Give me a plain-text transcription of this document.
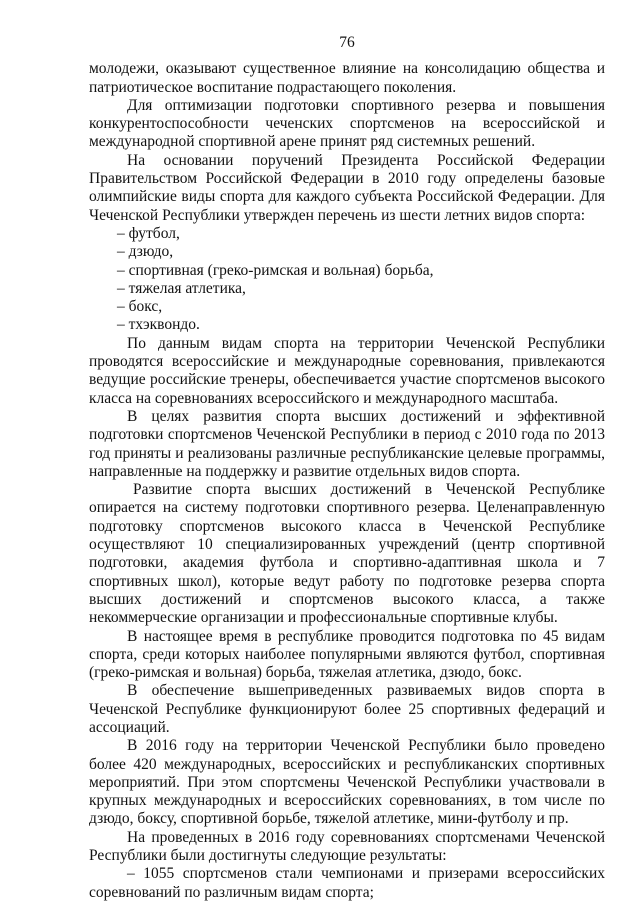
76

молодежи, оказывают существенное влияние на консолидацию общества и патриотическое воспитание подрастающего поколения.

Для оптимизации подготовки спортивного резерва и повышения конкурентоспособности чеченских спортсменов на всероссийской и международной спортивной арене принят ряд системных решений.

На основании поручений Президента Российской Федерации Правительством Российской Федерации в 2010 году определены базовые олимпийские виды спорта для каждого субъекта Российской Федерации. Для Чеченской Республики утвержден перечень из шести летних видов спорта:

– футбол,
– дзюдо,
– спортивная (греко-римская и вольная) борьба,
– тяжелая атлетика,
– бокс,
– тхэквондо.

По данным видам спорта на территории Чеченской Республики проводятся всероссийские и международные соревнования, привлекаются ведущие российские тренеры, обеспечивается участие спортсменов высокого класса на соревнованиях всероссийского и международного масштаба.

В целях развития спорта высших достижений и эффективной подготовки спортсменов Чеченской Республики в период с 2010 года по 2013 год приняты и реализованы различные республиканские целевые программы, направленные на поддержку и развитие отдельных видов спорта.

Развитие спорта высших достижений в Чеченской Республике опирается на систему подготовки спортивного резерва. Целенаправленную подготовку спортсменов высокого класса в Чеченской Республике осуществляют 10 специализированных учреждений (центр спортивной подготовки, академия футбола и спортивно-адаптивная школа и 7 спортивных школ), которые ведут работу по подготовке резерва спорта высших достижений и спортсменов высокого класса, а также некоммерческие организации и профессиональные спортивные клубы.

В настоящее время в республике проводится подготовка по 45 видам спорта, среди которых наиболее популярными являются футбол, спортивная (греко-римская и вольная) борьба, тяжелая атлетика, дзюдо, бокс.

В обеспечение вышеприведенных развиваемых видов спорта в Чеченской Республике функционируют более 25 спортивных федераций и ассоциаций.

В 2016 году на территории Чеченской Республики было проведено более 420 международных, всероссийских и республиканских спортивных мероприятий. При этом спортсмены Чеченской Республики участвовали в крупных международных и всероссийских соревнованиях, в том числе по дзюдо, боксу, спортивной борьбе, тяжелой атлетике, мини-футболу и пр.

На проведенных в 2016 году соревнованиях спортсменами Чеченской Республики были достигнуты следующие результаты:

– 1055 спортсменов стали чемпионами и призерами всероссийских соревнований по различным видам спорта;
